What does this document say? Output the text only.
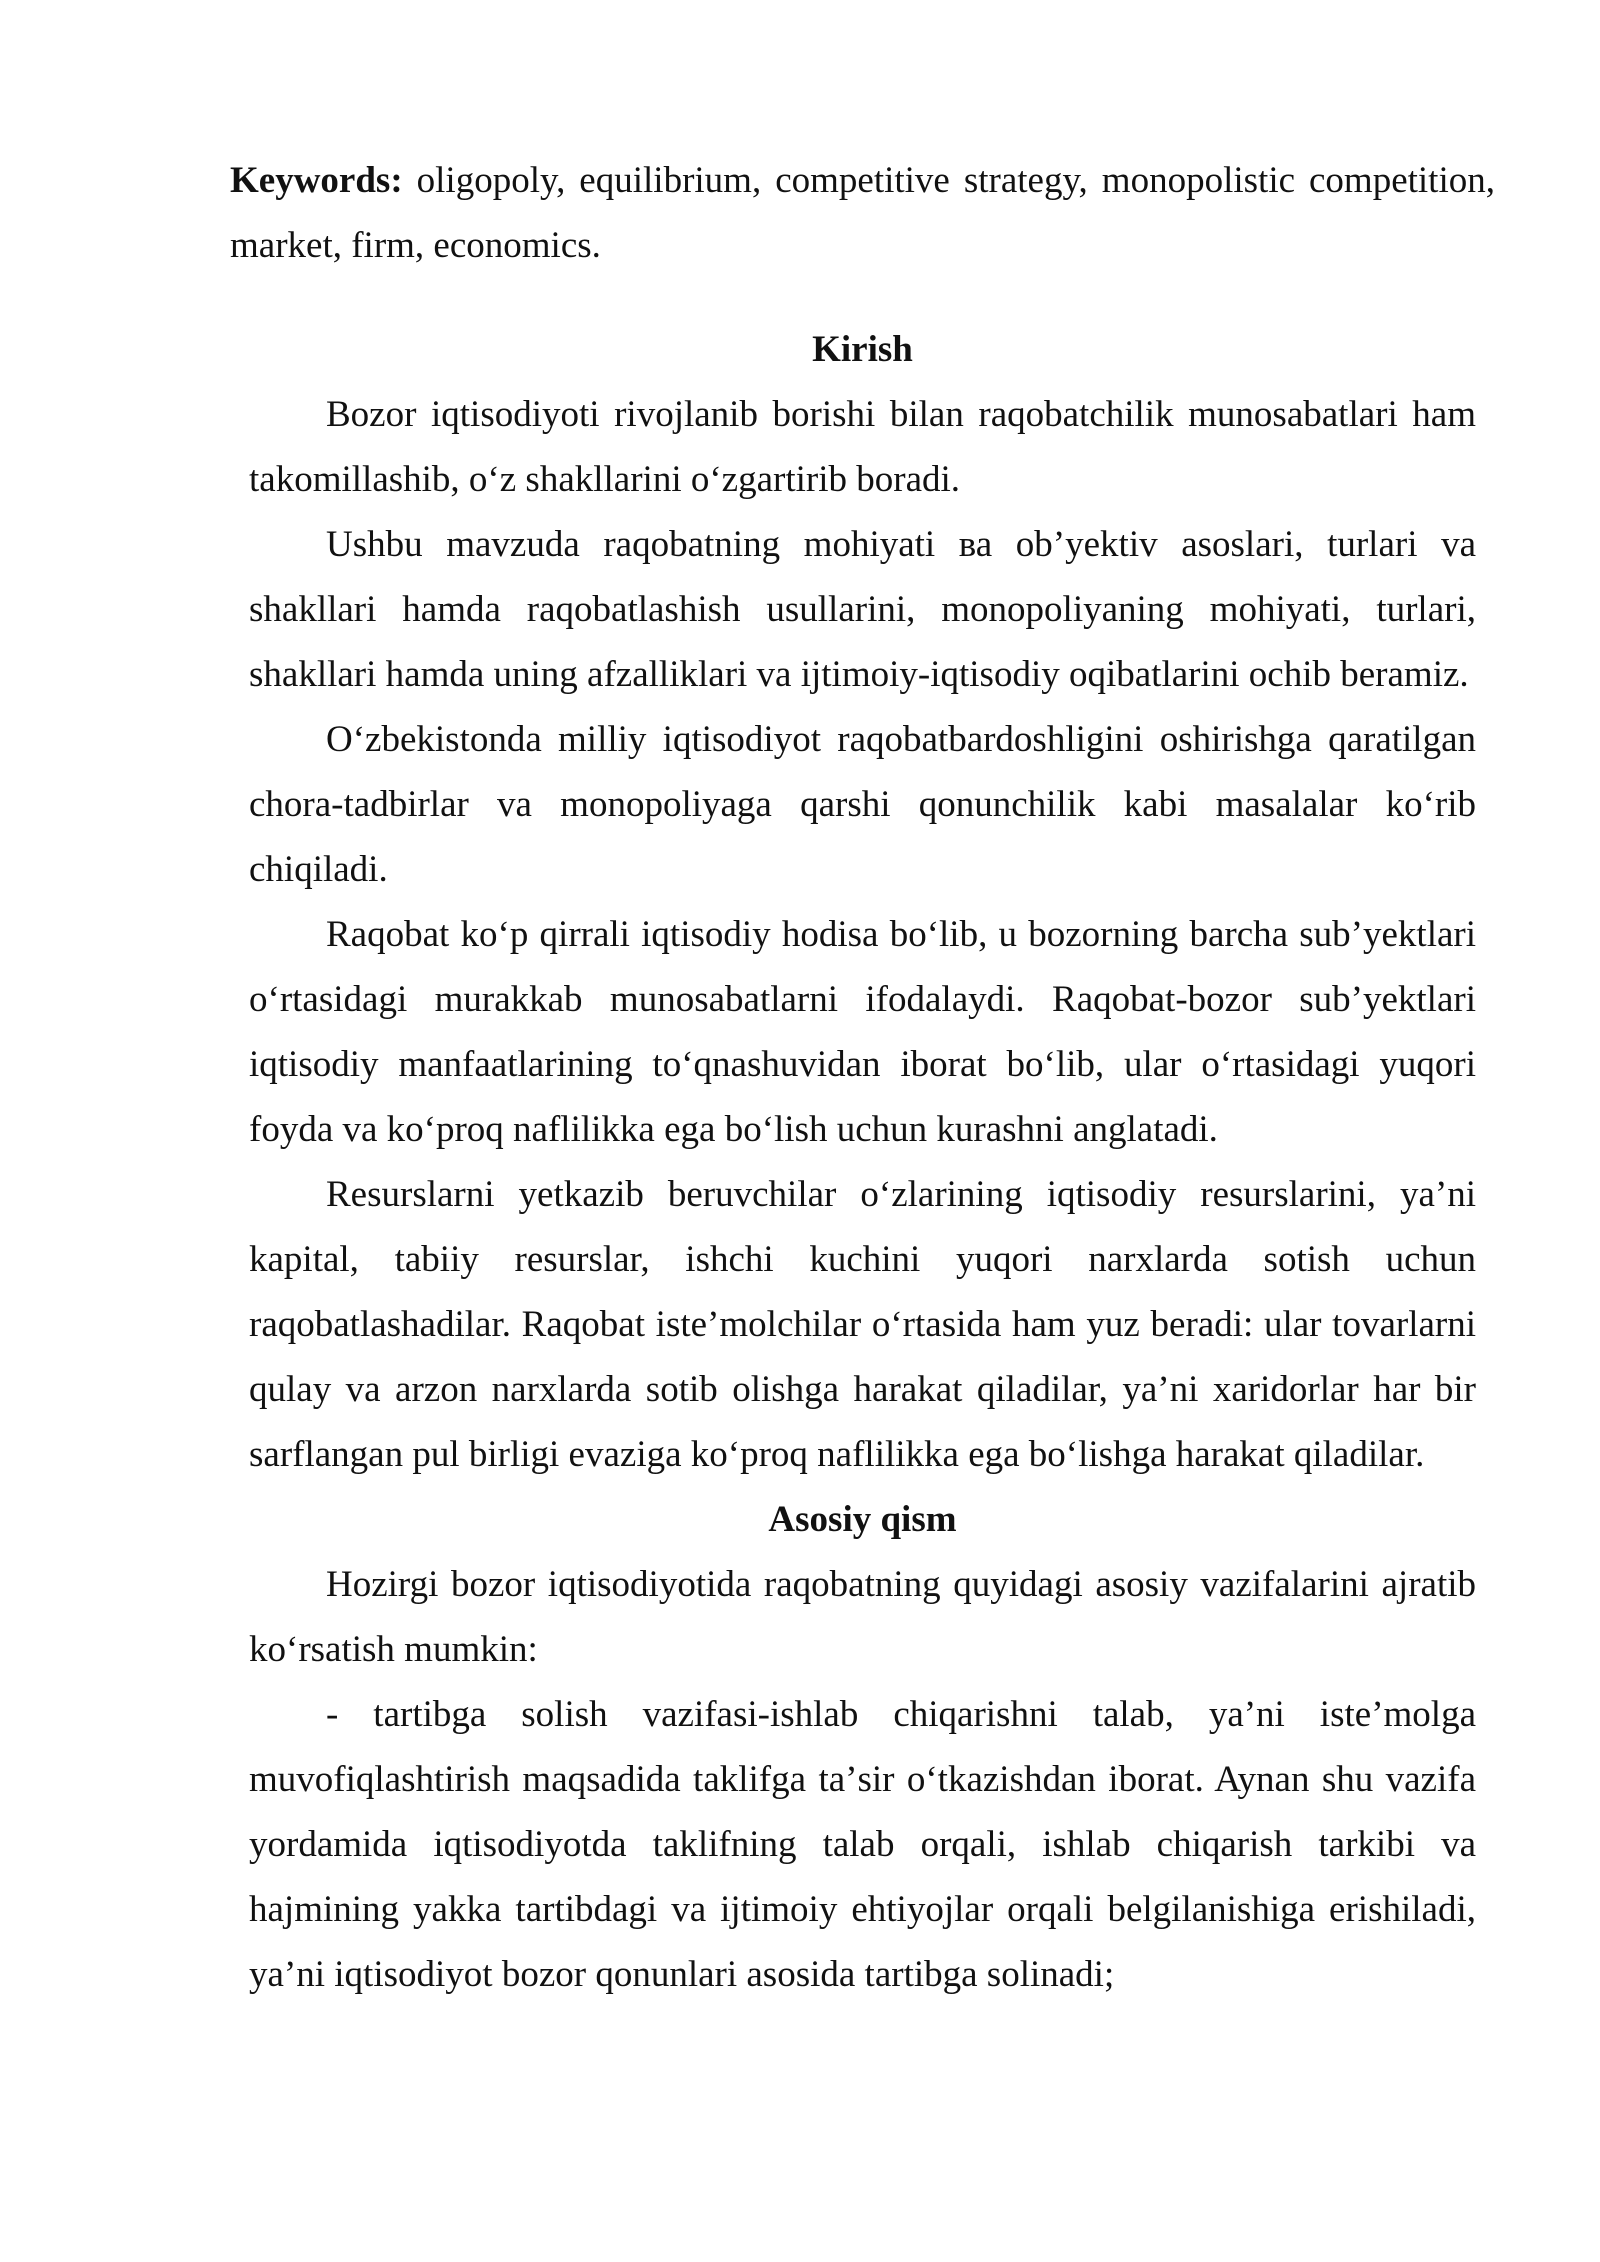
Keywords: oligopoly, equilibrium, competitive strategy, monopolistic competition, market, firm, economics.

Kirish

Bozor iqtisodiyoti rivojlanib borishi bilan raqobatchilik munosabatlari ham takomillashib, oʻz shakllarini oʻzgartirib boradi.

Ushbu mavzuda raqobatning mohiyati ва obʼyektiv asoslari, turlari va shakllari hamda raqobatlashish usullarini, monopoliyaning mohiyati, turlari, shakllari hamda uning afzalliklari va ijtimoiy-iqtisodiy oqibatlarini ochib beramiz.

Oʻzbekistonda milliy iqtisodiyot raqobatbardoshligini oshirishga qaratilgan chora-tadbirlar va monopoliyaga qarshi qonunchilik kabi masalalar koʻrib chiqiladi.

Raqobat koʻp qirrali iqtisodiy hodisa boʻlib, u bozorning barcha subʼyektlari oʻrtasidagi murakkab munosabatlarni ifodalaydi. Raqobat-bozor subʼyektlari iqtisodiy manfaatlarining toʻqnashuvidan iborat boʻlib, ular oʻrtasidagi yuqori foyda va koʻproq naflilikka ega boʻlish uchun kurashni anglatadi.

Resurslarni yetkazib beruvchilar oʻzlarining iqtisodiy resurslarini, yaʼni kapital, tabiiy resurslar, ishchi kuchini yuqori narxlarda sotish uchun raqobatlashadilar. Raqobat isteʼmolchilar oʻrtasida ham yuz beradi: ular tovarlarni qulay va arzon narxlarda sotib olishga harakat qiladilar, yaʼni xaridorlar har bir sarflangan pul birligi evaziga koʻproq naflilikka ega boʻlishga harakat qiladilar.

Asosiy qism

Hozirgi bozor iqtisodiyotida raqobatning quyidagi asosiy vazifalarini ajratib koʻrsatish mumkin:

- tartibga solish vazifasi-ishlab chiqarishni talab, yaʼni isteʼmolga muvofiqlashtirish maqsadida taklifga taʼsir oʻtkazishdan iborat. Aynan shu vazifa yordamida iqtisodiyotda taklifning talab orqali, ishlab chiqarish tarkibi va hajmining yakka tartibdagi va ijtimoiy ehtiyojlar orqali belgilanishiga erishiladi, yaʼni iqtisodiyot bozor qonunlari asosida tartibga solinadi;
